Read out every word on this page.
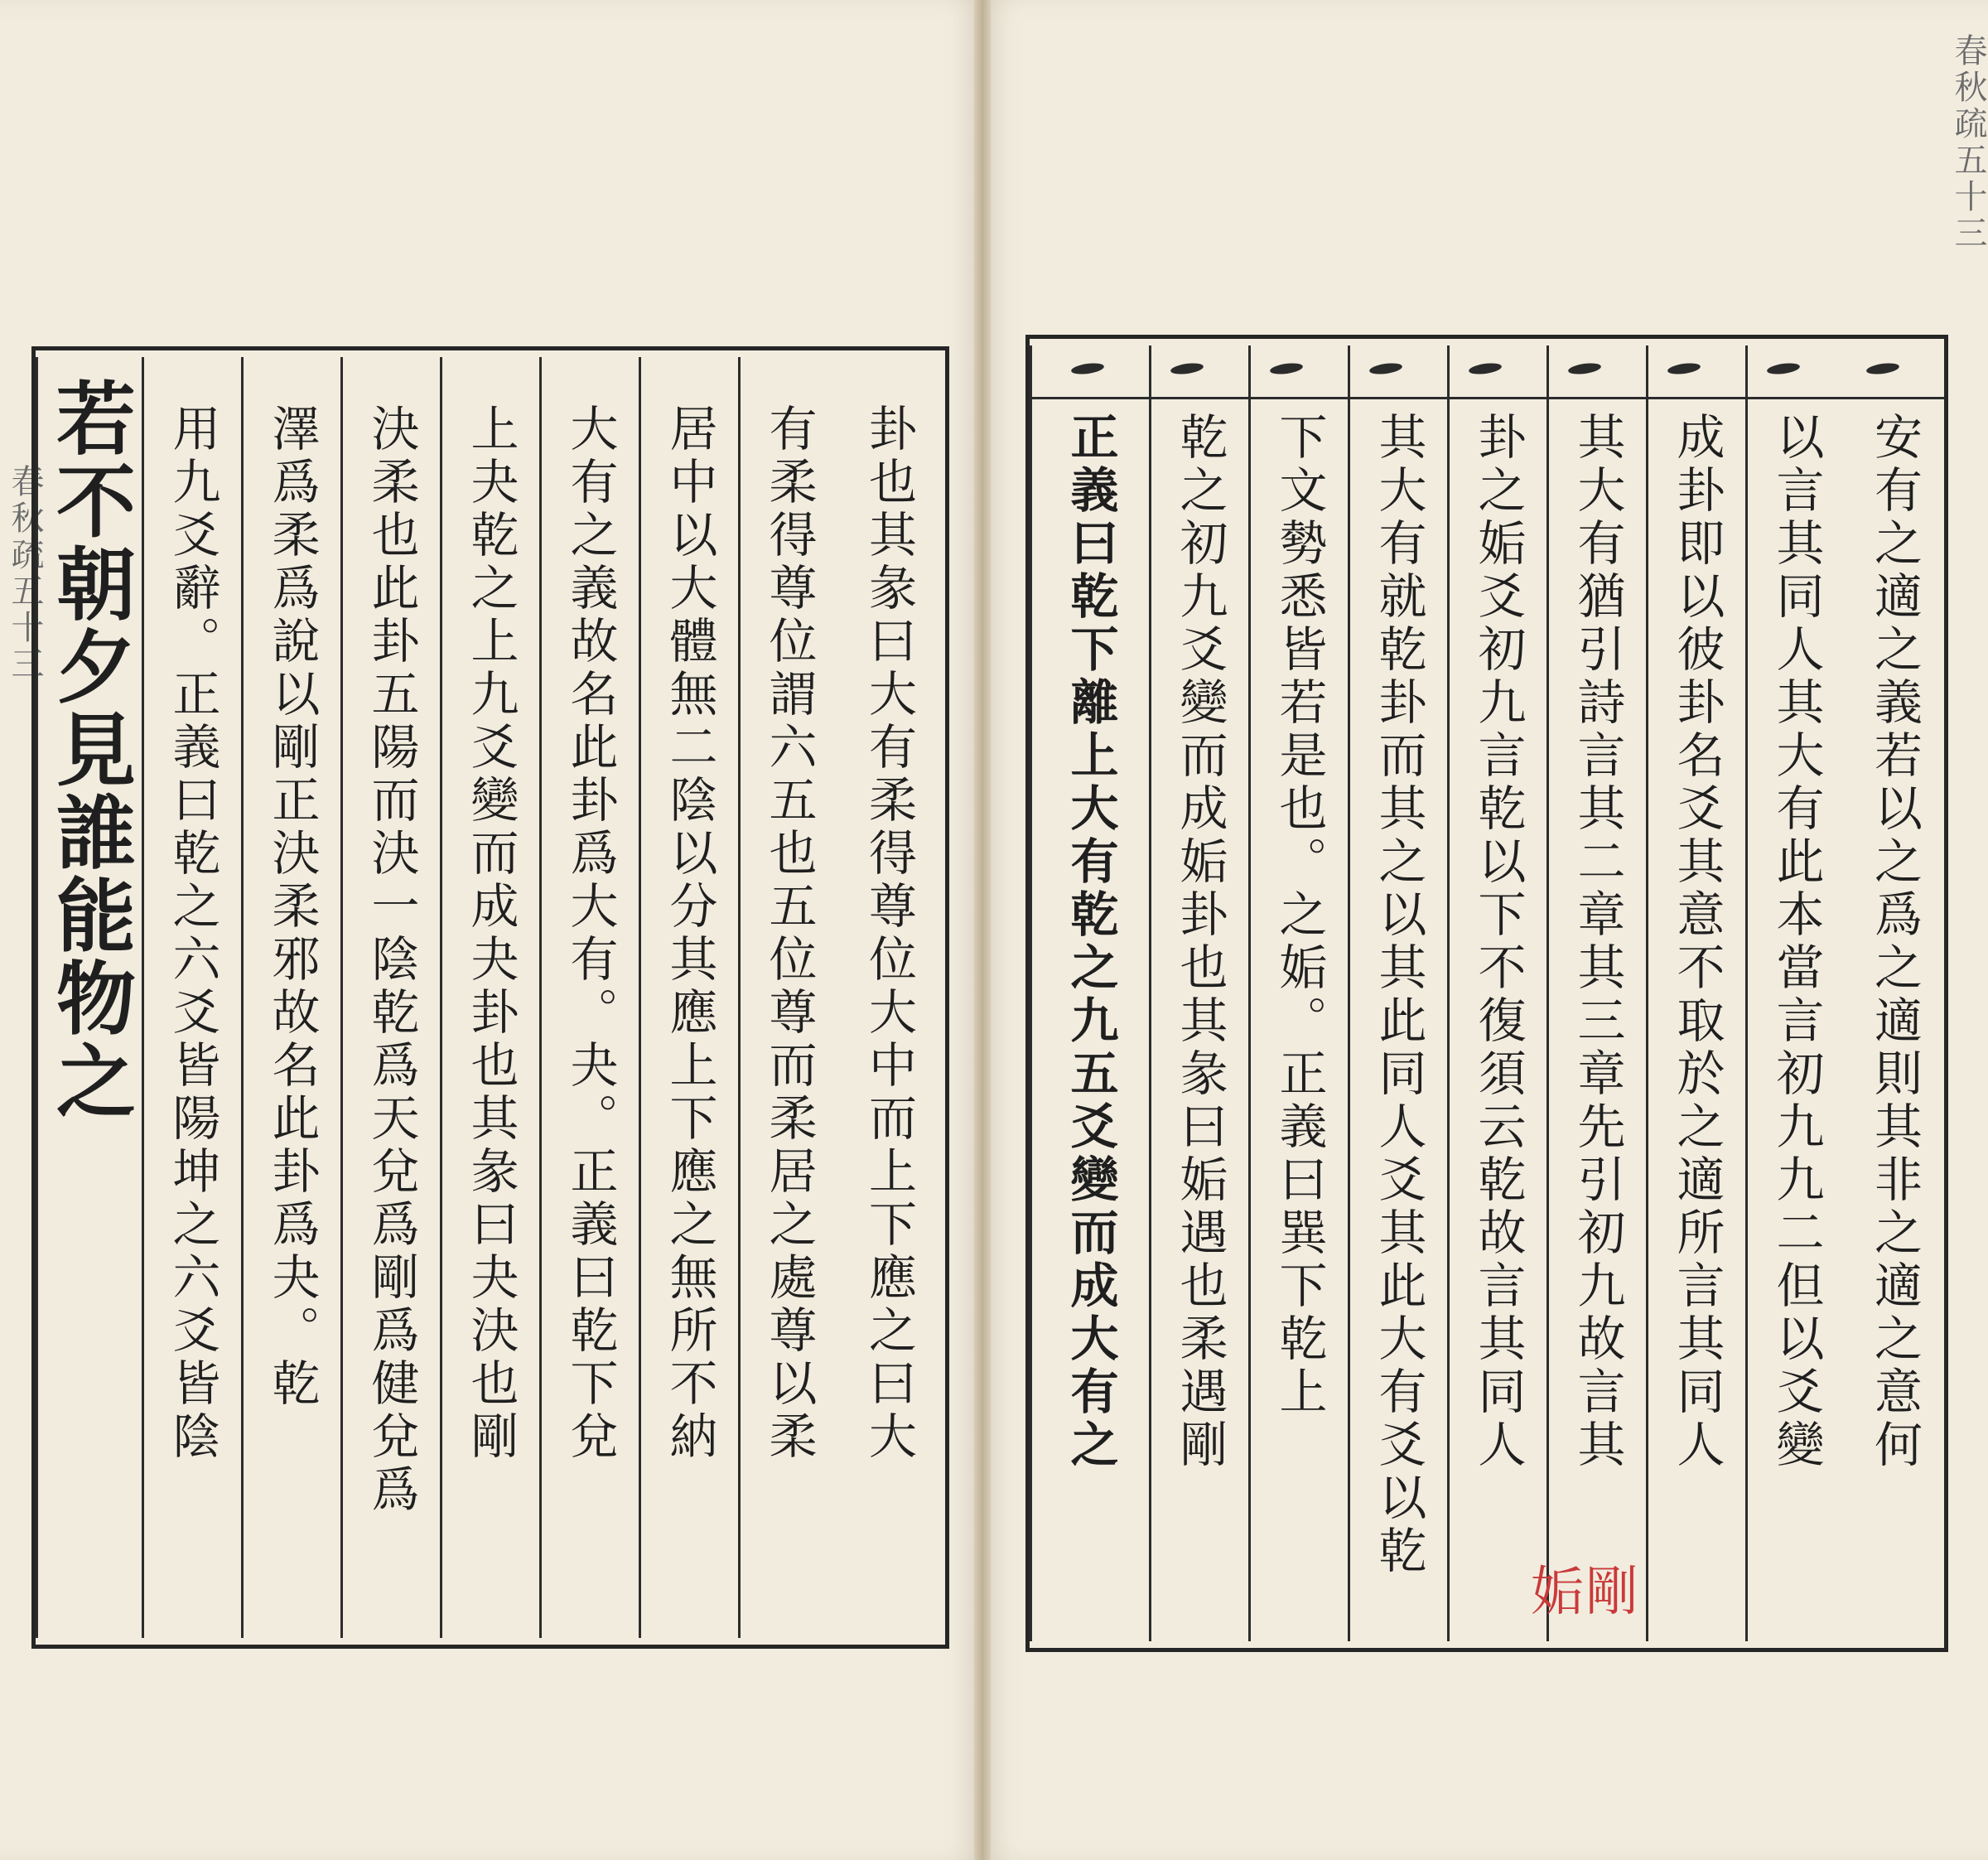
春秋疏五十三
春秋疏五十三
卦也其彖曰大有柔得尊位大中而上下應之曰大
有柔得尊位謂六五也五位尊而柔居之處尊以柔
居中以大體無二陰以分其應上下應之無所不納
大有之義故名此卦爲大有。夬。正義曰乾下兌
上夬乾之上九爻變而成夬卦也其彖曰夬決也剛
決柔也此卦五陽而決一陰乾爲天兌爲剛爲健兌爲
澤爲柔爲說以剛正決柔邪故名此卦爲夬。乾
用九爻辭。正義曰乾之六爻皆陽坤之六爻皆陰
若不朝夕見誰能物之	安有之適之義若以之爲之適則其非之適之意何
以言其同人其大有此本當言初九九二但以爻變
成卦即以彼卦名爻其意不取於之適所言其同人
其大有猶引詩言其二章其三章先引初九故言其
卦之姤爻初九言乾以下不復須云乾故言其同人
其大有就乾卦而其之以其此同人爻其此大有爻以乾
下文勢悉皆若是也。之姤。正義曰巽下乾上
乾之初九爻變而成姤卦也其彖曰姤遇也柔遇剛
正義曰乾下離上大有乾之九五爻變而成大有之
姤剛
